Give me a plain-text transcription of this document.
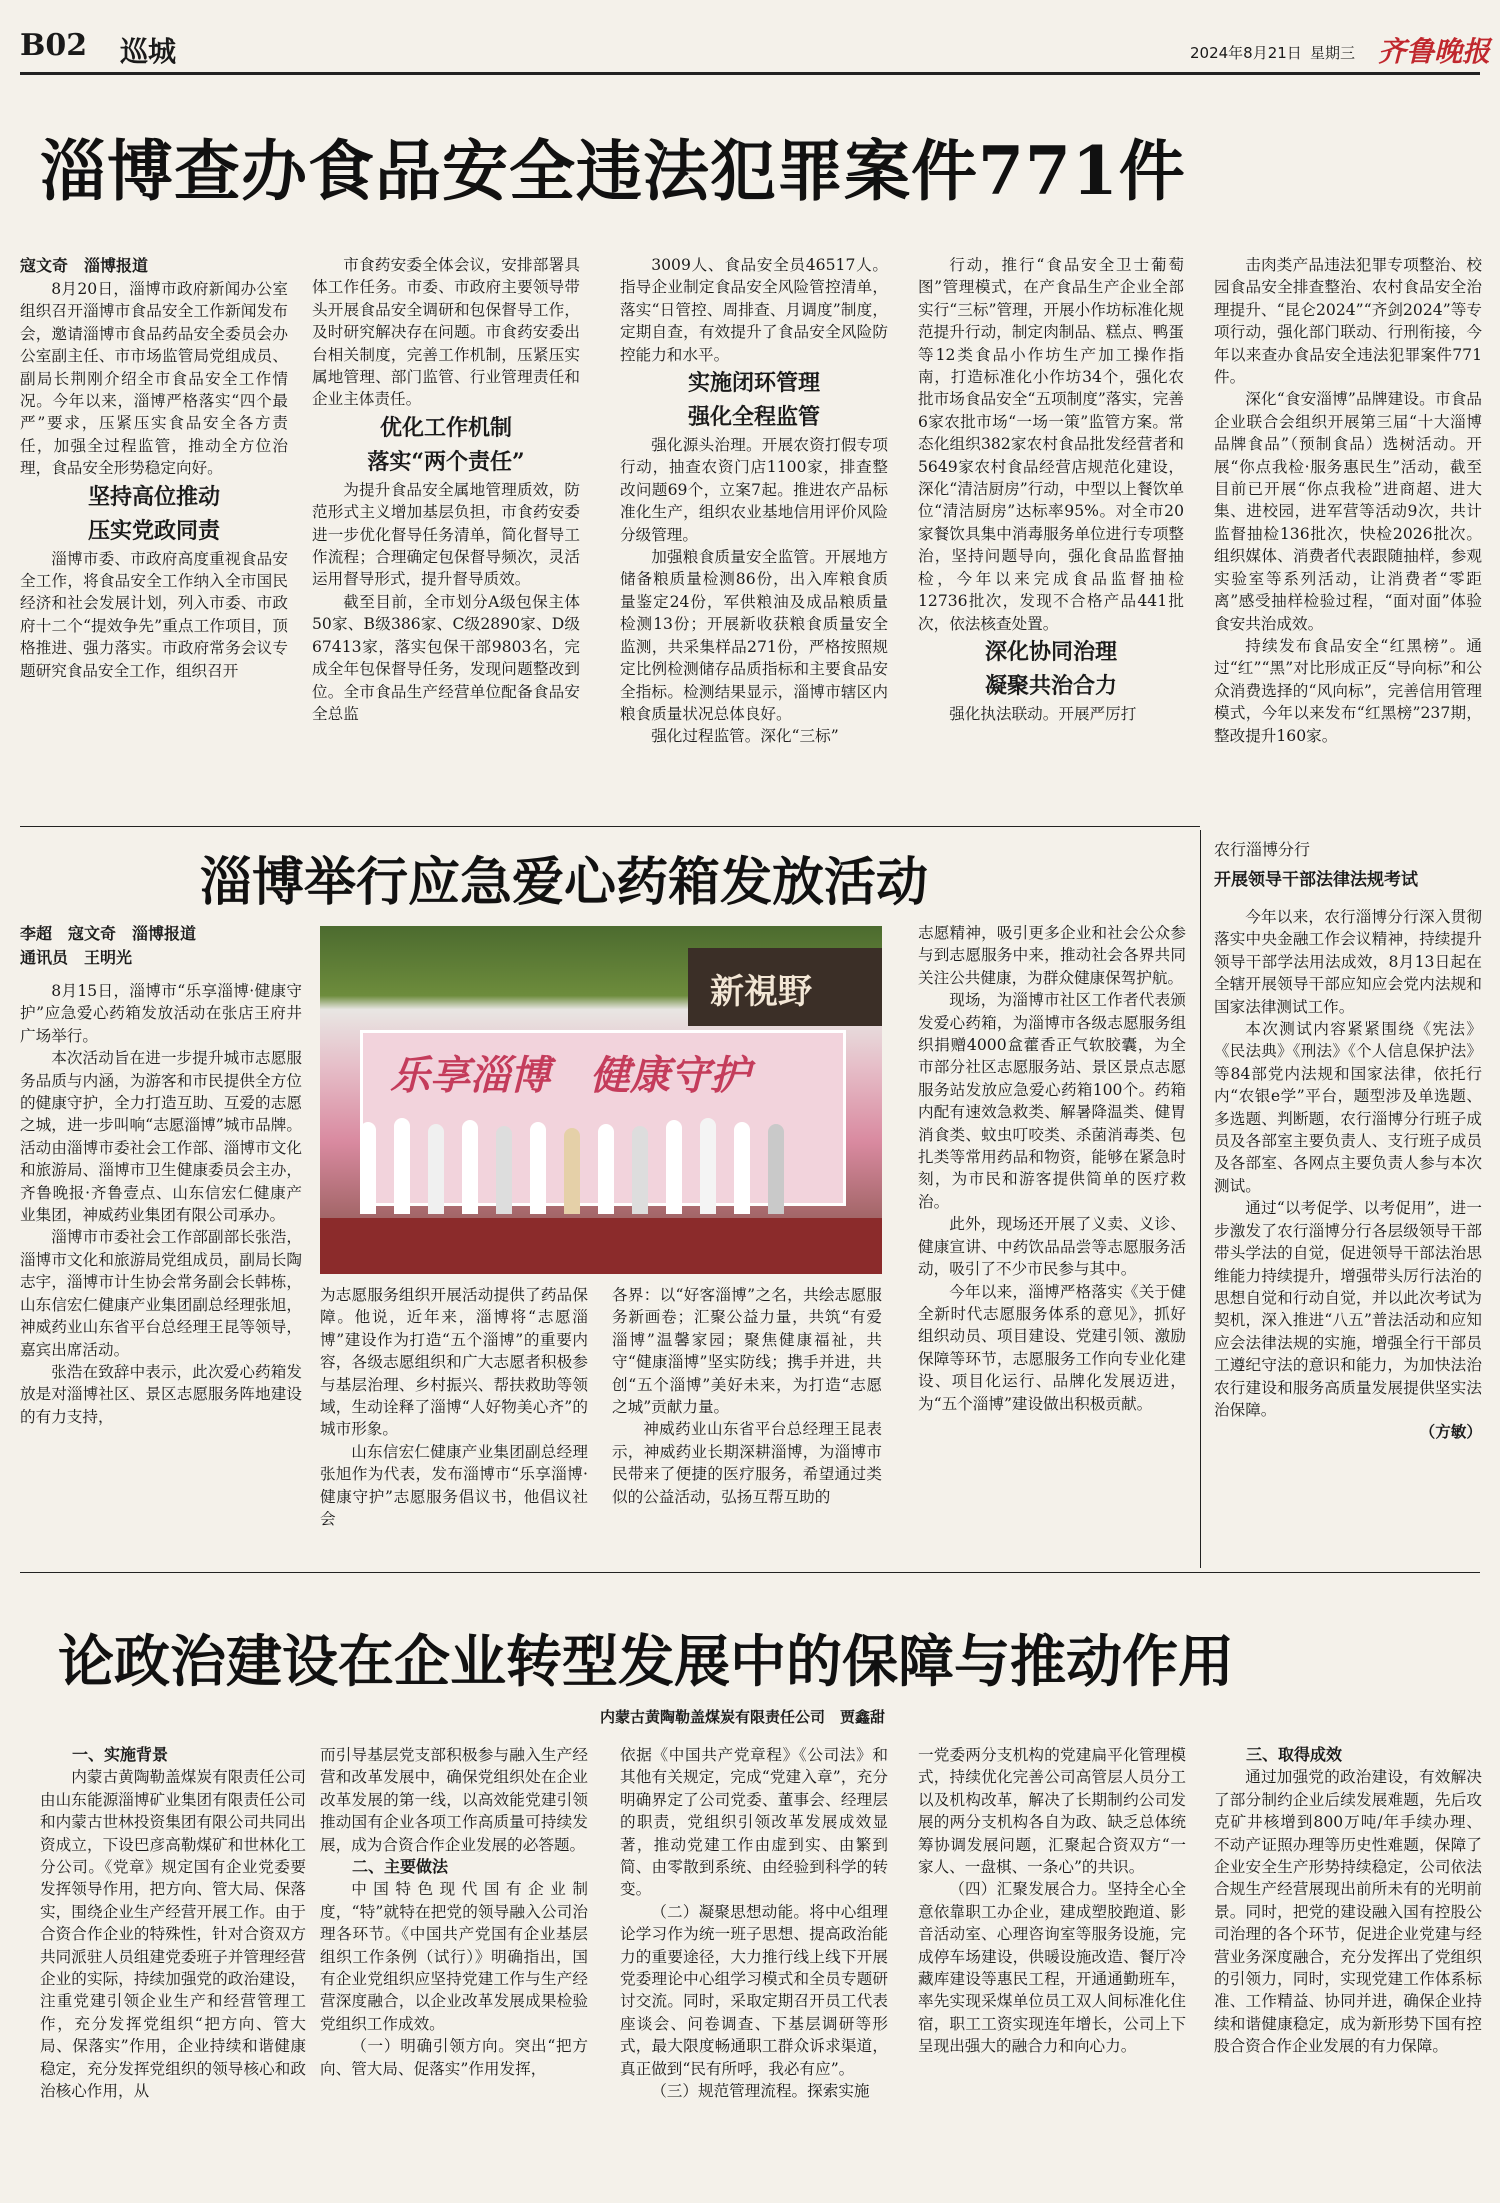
B02 巡城	2024年8月21日 星期三 齐鲁晚报
淄博查办食品安全违法犯罪案件771件

寇文奇　淄博报道

8月20日，淄博市政府新闻办公室组织召开淄博市食品安全工作新闻发布会，邀请淄博市食品药品安全委员会办公室副主任、市市场监管局党组成员、副局长荆刚介绍全市食品安全工作情况。今年以来，淄博严格落实“四个最严”要求，压紧压实食品安全各方责任，加强全过程监管，推动全方位治理，食品安全形势稳定向好。

坚持高位推动
压实党政同责

淄博市委、市政府高度重视食品安全工作，将食品安全工作纳入全市国民经济和社会发展计划，列入市委、市政府十二个“提效争先”重点工作项目，顶格推进、强力落实。市政府常务会议专题研究食品安全工作，组织召开

市食药安委全体会议，安排部署具体工作任务。市委、市政府主要领导带头开展食品安全调研和包保督导工作，及时研究解决存在问题。市食药安委出台相关制度，完善工作机制，压紧压实属地管理、部门监管、行业管理责任和企业主体责任。

优化工作机制
落实“两个责任”

为提升食品安全属地管理质效，防范形式主义增加基层负担，市食药安委进一步优化督导任务清单，简化督导工作流程；合理确定包保督导频次，灵活运用督导形式，提升督导质效。

截至目前，全市划分A级包保主体50家、B级386家、C级2890家、D级67413家，落实包保干部9803名，完成全年包保督导任务，发现问题整改到位。全市食品生产经营单位配备食品安全总监

3009人、食品安全员46517人。指导企业制定食品安全风险管控清单，落实“日管控、周排查、月调度”制度，定期自查，有效提升了食品安全风险防控能力和水平。

实施闭环管理
强化全程监管

强化源头治理。开展农资打假专项行动，抽查农资门店1100家，排查整改问题69个，立案7起。推进农产品标准化生产，组织农业基地信用评价风险分级管理。

加强粮食质量安全监管。开展地方储备粮质量检测86份，出入库粮食质量鉴定24份，军供粮油及成品粮质量检测13份；开展新收获粮食质量安全监测，共采集样品271份，严格按照规定比例检测储存品质指标和主要食品安全指标。检测结果显示，淄博市辖区内粮食质量状况总体良好。

强化过程监管。深化“三标”

行动，推行“食品安全卫士葡萄图”管理模式，在产食品生产企业全部实行“三标”管理，开展小作坊标准化规范提升行动，制定肉制品、糕点、鸭蛋等12类食品小作坊生产加工操作指南，打造标准化小作坊34个，强化农批市场食品安全“五项制度”落实，完善6家农批市场“一场一策”监管方案。常态化组织382家农村食品批发经营者和5649家农村食品经营店规范化建设，深化“清洁厨房”行动，中型以上餐饮单位“清洁厨房”达标率95%。对全市20家餐饮具集中消毒服务单位进行专项整治，坚持问题导向，强化食品监督抽检，今年以来完成食品监督抽检12736批次，发现不合格产品441批次，依法核查处置。

深化协同治理
凝聚共治合力

强化执法联动。开展严厉打

击肉类产品违法犯罪专项整治、校园食品安全排查整治、农村食品安全治理提升、“昆仑2024”“齐剑2024”等专项行动，强化部门联动、行刑衔接，今年以来查办食品安全违法犯罪案件771件。

深化“食安淄博”品牌建设。市食品企业联合会组织开展第三届“十大淄博品牌食品”（预制食品）选树活动。开展“你点我检·服务惠民生”活动，截至目前已开展“你点我检”进商超、进大集、进校园，进军营等活动9次，共计监督抽检136批次，快检2026批次。组织媒体、消费者代表跟随抽样，参观实验室等系列活动，让消费者“零距离”感受抽样检验过程，“面对面”体验食安共治成效。

持续发布食品安全“红黑榜”。通过“红”“黑”对比形成正反“导向标”和公众消费选择的“风向标”，完善信用管理模式，今年以来发布“红黑榜”237期，整改提升160家。

淄博举行应急爱心药箱发放活动

李超　寇文奇　淄博报道

通讯员　王明光

8月15日，淄博市“乐享淄博·健康守护”应急爱心药箱发放活动在张店王府井广场举行。

本次活动旨在进一步提升城市志愿服务品质与内涵，为游客和市民提供全方位的健康守护，全力打造互助、互爱的志愿之城，进一步叫响“志愿淄博”城市品牌。活动由淄博市委社会工作部、淄博市文化和旅游局、淄博市卫生健康委员会主办，齐鲁晚报·齐鲁壹点、山东信宏仁健康产业集团，神威药业集团有限公司承办。

淄博市市委社会工作部副部长张浩，淄博市文化和旅游局党组成员，副局长陶志宇，淄博市计生协会常务副会长韩栋，山东信宏仁健康产业集团副总经理张旭，神威药业山东省平台总经理王昆等领导，嘉宾出席活动。

张浩在致辞中表示，此次爱心药箱发放是对淄博社区、景区志愿服务阵地建设的有力支持，

新視野
乐享淄博　健康守护

为志愿服务组织开展活动提供了药品保障。他说，近年来，淄博将“志愿淄博”建设作为打造“五个淄博”的重要内容，各级志愿组织和广大志愿者积极参与基层治理、乡村振兴、帮扶救助等领域，生动诠释了淄博“人好物美心齐”的城市形象。

山东信宏仁健康产业集团副总经理张旭作为代表，发布淄博市“乐享淄博·健康守护”志愿服务倡议书，他倡议社会

各界：以“好客淄博”之名，共绘志愿服务新画卷；汇聚公益力量，共筑“有爱淄博”温馨家园；聚焦健康福祉，共守“健康淄博”坚实防线；携手并进，共创“五个淄博”美好未来，为打造“志愿之城”贡献力量。

神威药业山东省平台总经理王昆表示，神威药业长期深耕淄博，为淄博市民带来了便捷的医疗服务，希望通过类似的公益活动，弘扬互帮互助的

志愿精神，吸引更多企业和社会公众参与到志愿服务中来，推动社会各界共同关注公共健康，为群众健康保驾护航。

现场，为淄博市社区工作者代表颁发爱心药箱，为淄博市各级志愿服务组织捐赠4000盒藿香正气软胶囊，为全市部分社区志愿服务站、景区景点志愿服务站发放应急爱心药箱100个。药箱内配有速效急救类、解暑降温类、健胃消食类、蚊虫叮咬类、杀菌消毒类、包扎类等常用药品和物资，能够在紧急时刻，为市民和游客提供简单的医疗救治。

此外，现场还开展了义卖、义诊、健康宣讲、中药饮品品尝等志愿服务活动，吸引了不少市民参与其中。

今年以来，淄博严格落实《关于健全新时代志愿服务体系的意见》，抓好组织动员、项目建设、党建引领、激励保障等环节，志愿服务工作向专业化建设、项目化运行、品牌化发展迈进，为“五个淄博”建设做出积极贡献。

农行淄博分行

开展领导干部法律法规考试

今年以来，农行淄博分行深入贯彻落实中央金融工作会议精神，持续提升领导干部学法用法成效，8月13日起在全辖开展领导干部应知应会党内法规和国家法律测试工作。

本次测试内容紧紧围绕《宪法》《民法典》《刑法》《个人信息保护法》等84部党内法规和国家法律，依托行内“农银e学”平台，题型涉及单选题、多选题、判断题，农行淄博分行班子成员及各部室主要负责人、支行班子成员及各部室、各网点主要负责人参与本次测试。

通过“以考促学、以考促用”，进一步激发了农行淄博分行各层级领导干部带头学法的自觉，促进领导干部法治思维能力持续提升，增强带头厉行法治的思想自觉和行动自觉，并以此次考试为契机，深入推进“八五”普法活动和应知应会法律法规的实施，增强全行干部员工遵纪守法的意识和能力，为加快法治农行建设和服务高质量发展提供坚实法治保障。

（方敏）

论政治建设在企业转型发展中的保障与推动作用
内蒙古黄陶勒盖煤炭有限责任公司　贾鑫甜

一、实施背景

内蒙古黄陶勒盖煤炭有限责任公司由山东能源淄博矿业集团有限责任公司和内蒙古世林投资集团有限公司共同出资成立，下设巴彦高勒煤矿和世林化工分公司。《党章》规定国有企业党委要发挥领导作用，把方向、管大局、保落实，围绕企业生产经营开展工作。由于合资合作企业的特殊性，针对合资双方共同派驻人员组建党委班子并管理经营企业的实际，持续加强党的政治建设，注重党建引领企业生产和经营管理工作，充分发挥党组织“把方向、管大局、保落实”作用，企业持续和谐健康稳定，充分发挥党组织的领导核心和政治核心作用，从

而引导基层党支部积极参与融入生产经营和改革发展中，确保党组织处在企业改革发展的第一线，以高效能党建引领推动国有企业各项工作高质量可持续发展，成为合资合作企业发展的必答题。

二、主要做法

中国特色现代国有企业制度，“特”就特在把党的领导融入公司治理各环节。《中国共产党国有企业基层组织工作条例（试行）》明确指出，国有企业党组织应坚持党建工作与生产经营深度融合，以企业改革发展成果检验党组织工作成效。

（一）明确引领方向。突出“把方向、管大局、促落实”作用发挥，

依据《中国共产党章程》《公司法》和其他有关规定，完成“党建入章”，充分明确界定了公司党委、董事会、经理层的职责，党组织引领改革发展成效显著，推动党建工作由虚到实、由繁到简、由零散到系统、由经验到科学的转变。

（二）凝聚思想动能。将中心组理论学习作为统一班子思想、提高政治能力的重要途径，大力推行线上线下开展党委理论中心组学习模式和全员专题研讨交流。同时，采取定期召开员工代表座谈会、问卷调查、下基层调研等形式，最大限度畅通职工群众诉求渠道，真正做到“民有所呼，我必有应”。

（三）规范管理流程。探索实施

一党委两分支机构的党建扁平化管理模式，持续优化完善公司高管层人员分工以及机构改革，解决了长期制约公司发展的两分支机构各自为政、缺乏总体统筹协调发展问题，汇聚起合资双方“一家人、一盘棋、一条心”的共识。

（四）汇聚发展合力。坚持全心全意依靠职工办企业，建成塑胶跑道、影音活动室、心理咨询室等服务设施，完成停车场建设，供暖设施改造、餐厅冷藏库建设等惠民工程，开通通勤班车，率先实现采煤单位员工双人间标准化住宿，职工工资实现连年增长，公司上下呈现出强大的融合力和向心力。

三、取得成效

通过加强党的政治建设，有效解决了部分制约企业后续发展难题，先后攻克矿井核增到800万吨/年手续办理、不动产证照办理等历史性难题，保障了企业安全生产形势持续稳定，公司依法合规生产经营展现出前所未有的光明前景。同时，把党的建设融入国有控股公司治理的各个环节，促进企业党建与经营业务深度融合，充分发挥出了党组织的引领力，同时，实现党建工作体系标准、工作精益、协同并进，确保企业持续和谐健康稳定，成为新形势下国有控股合资合作企业发展的有力保障。
